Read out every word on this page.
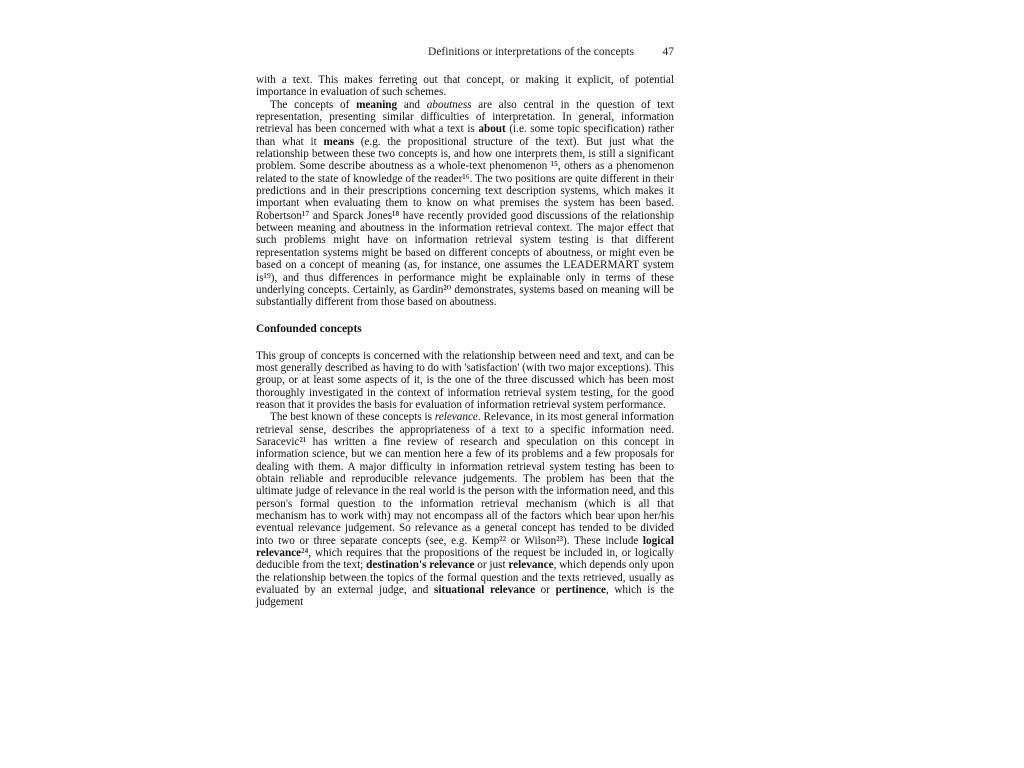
Definitions or interpretations of the concepts 47

with a text. This makes ferreting out that concept, or making it explicit, of potential importance in evaluation of such schemes.

The concepts of meaning and aboutness are also central in the question of text representation, presenting similar difficulties of interpretation. In general, information retrieval has been concerned with what a text is about (i.e. some topic specification) rather than what it means (e.g. the propositional structure of the text). But just what the relationship between these two concepts is, and how one interprets them, is still a significant problem. Some describe aboutness as a whole-text phenomenon ¹⁵, others as a phenomenon related to the state of knowledge of the reader¹⁶. The two positions are quite different in their predictions and in their prescriptions concerning text description systems, which makes it important when evaluating them to know on what premises the system has been based. Robertson¹⁷ and Sparck Jones¹⁸ have recently provided good discussions of the relationship between meaning and aboutness in the information retrieval context. The major effect that such problems might have on information retrieval system testing is that different representation systems might be based on different concepts of aboutness, or might even be based on a concept of meaning (as, for instance, one assumes the LEADERMART system is¹⁹), and thus differences in performance might be explainable only in terms of these underlying concepts. Certainly, as Gardin²⁰ demonstrates, systems based on meaning will be substantially different from those based on aboutness.

Confounded concepts

This group of concepts is concerned with the relationship between need and text, and can be most generally described as having to do with 'satisfaction' (with two major exceptions). This group, or at least some aspects of it, is the one of the three discussed which has been most thoroughly investigated in the context of information retrieval system testing, for the good reason that it provides the basis for evaluation of information retrieval system performance.

The best known of these concepts is relevance. Relevance, in its most general information retrieval sense, describes the appropriateness of a text to a specific information need. Saracevic²¹ has written a fine review of research and speculation on this concept in information science, but we can mention here a few of its problems and a few proposals for dealing with them. A major difficulty in information retrieval system testing has been to obtain reliable and reproducible relevance judgements. The problem has been that the ultimate judge of relevance in the real world is the person with the information need, and this person's formal question to the information retrieval mechanism (which is all that mechanism has to work with) may not encompass all of the factors which bear upon her/his eventual relevance judgement. So relevance as a general concept has tended to be divided into two or three separate concepts (see, e.g. Kemp²² or Wilson²³). These include logical relevance²⁴, which requires that the propositions of the request be included in, or logically deducible from the text; destination's relevance or just relevance, which depends only upon the relationship between the topics of the formal question and the texts retrieved, usually as evaluated by an external judge, and situational relevance or pertinence, which is the judgement
